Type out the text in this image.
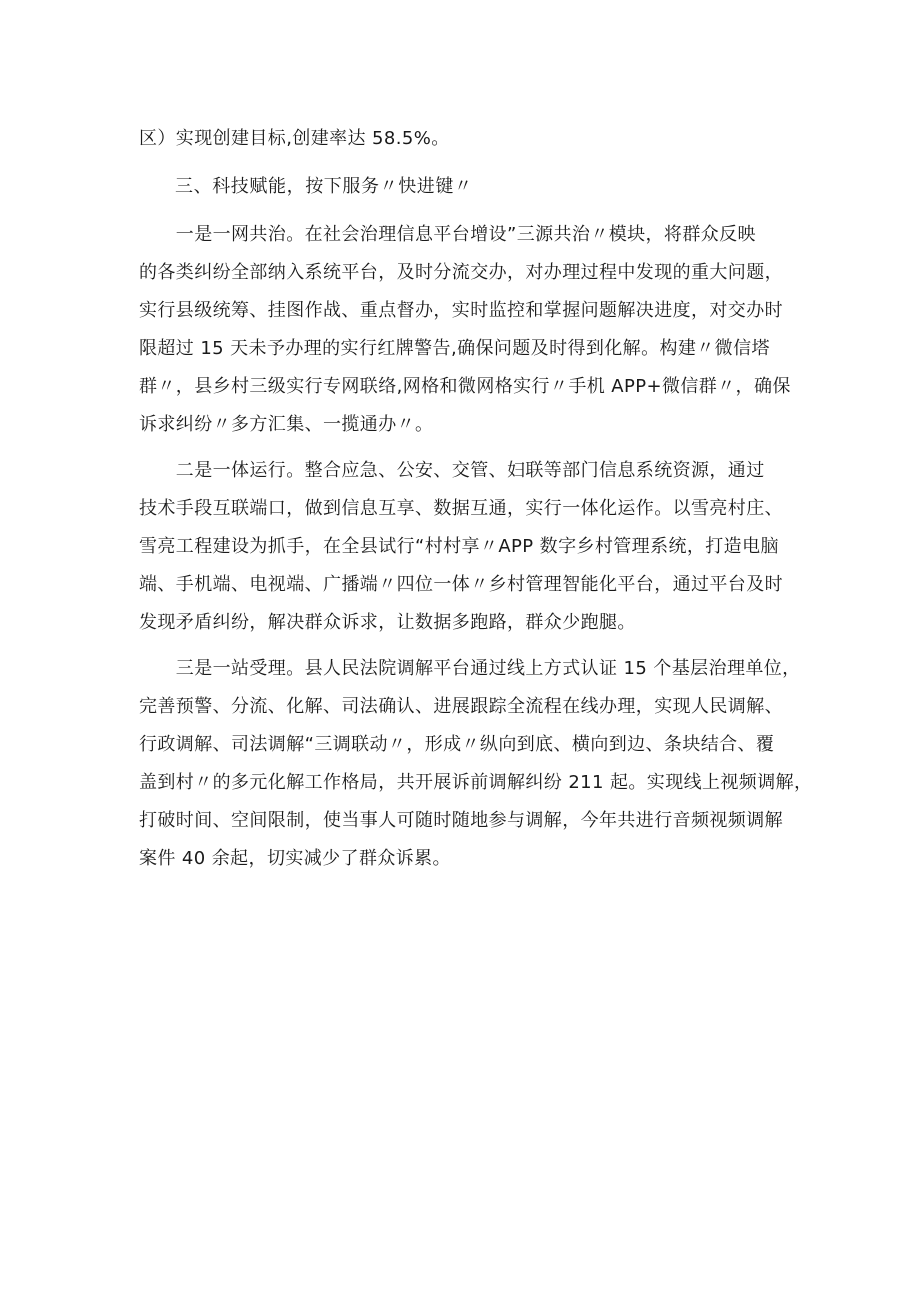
区）实现创建目标,创建率达 58.5%。

三、科技赋能，按下服务〃快进键〃
　　一是一网共治。在社会治理信息平台增设”三源共治〃模块，将群众反映
的各类纠纷全部纳入系统平台，及时分流交办，对办理过程中发现的重大问题，
实行县级统筹、挂图作战、重点督办，实时监控和掌握问题解决进度，对交办时
限超过 15 天未予办理的实行红牌警告,确保问题及时得到化解。构建〃微信塔
群〃，县乡村三级实行专网联络,网格和微网格实行〃手机 APP+微信群〃，确保
诉求纠纷〃多方汇集、一揽通办〃。
　　二是一体运行。整合应急、公安、交管、妇联等部门信息系统资源，通过
技术手段互联端口，做到信息互享、数据互通，实行一体化运作。以雪亮村庄、
雪亮工程建设为抓手，在全县试行“村村享〃APP 数字乡村管理系统，打造电脑
端、手机端、电视端、广播端〃四位一体〃乡村管理智能化平台，通过平台及时
发现矛盾纠纷，解决群众诉求，让数据多跑路，群众少跑腿。
　　三是一站受理。县人民法院调解平台通过线上方式认证 15 个基层治理单位，
完善预警、分流、化解、司法确认、进展跟踪全流程在线办理，实现人民调解、
行政调解、司法调解“三调联动〃，形成〃纵向到底、横向到边、条块结合、覆
盖到村〃的多元化解工作格局，共开展诉前调解纠纷 211 起。实现线上视频调解，
打破时间、空间限制，使当事人可随时随地参与调解，今年共进行音频视频调解
案件 40 余起，切实减少了群众诉累。
